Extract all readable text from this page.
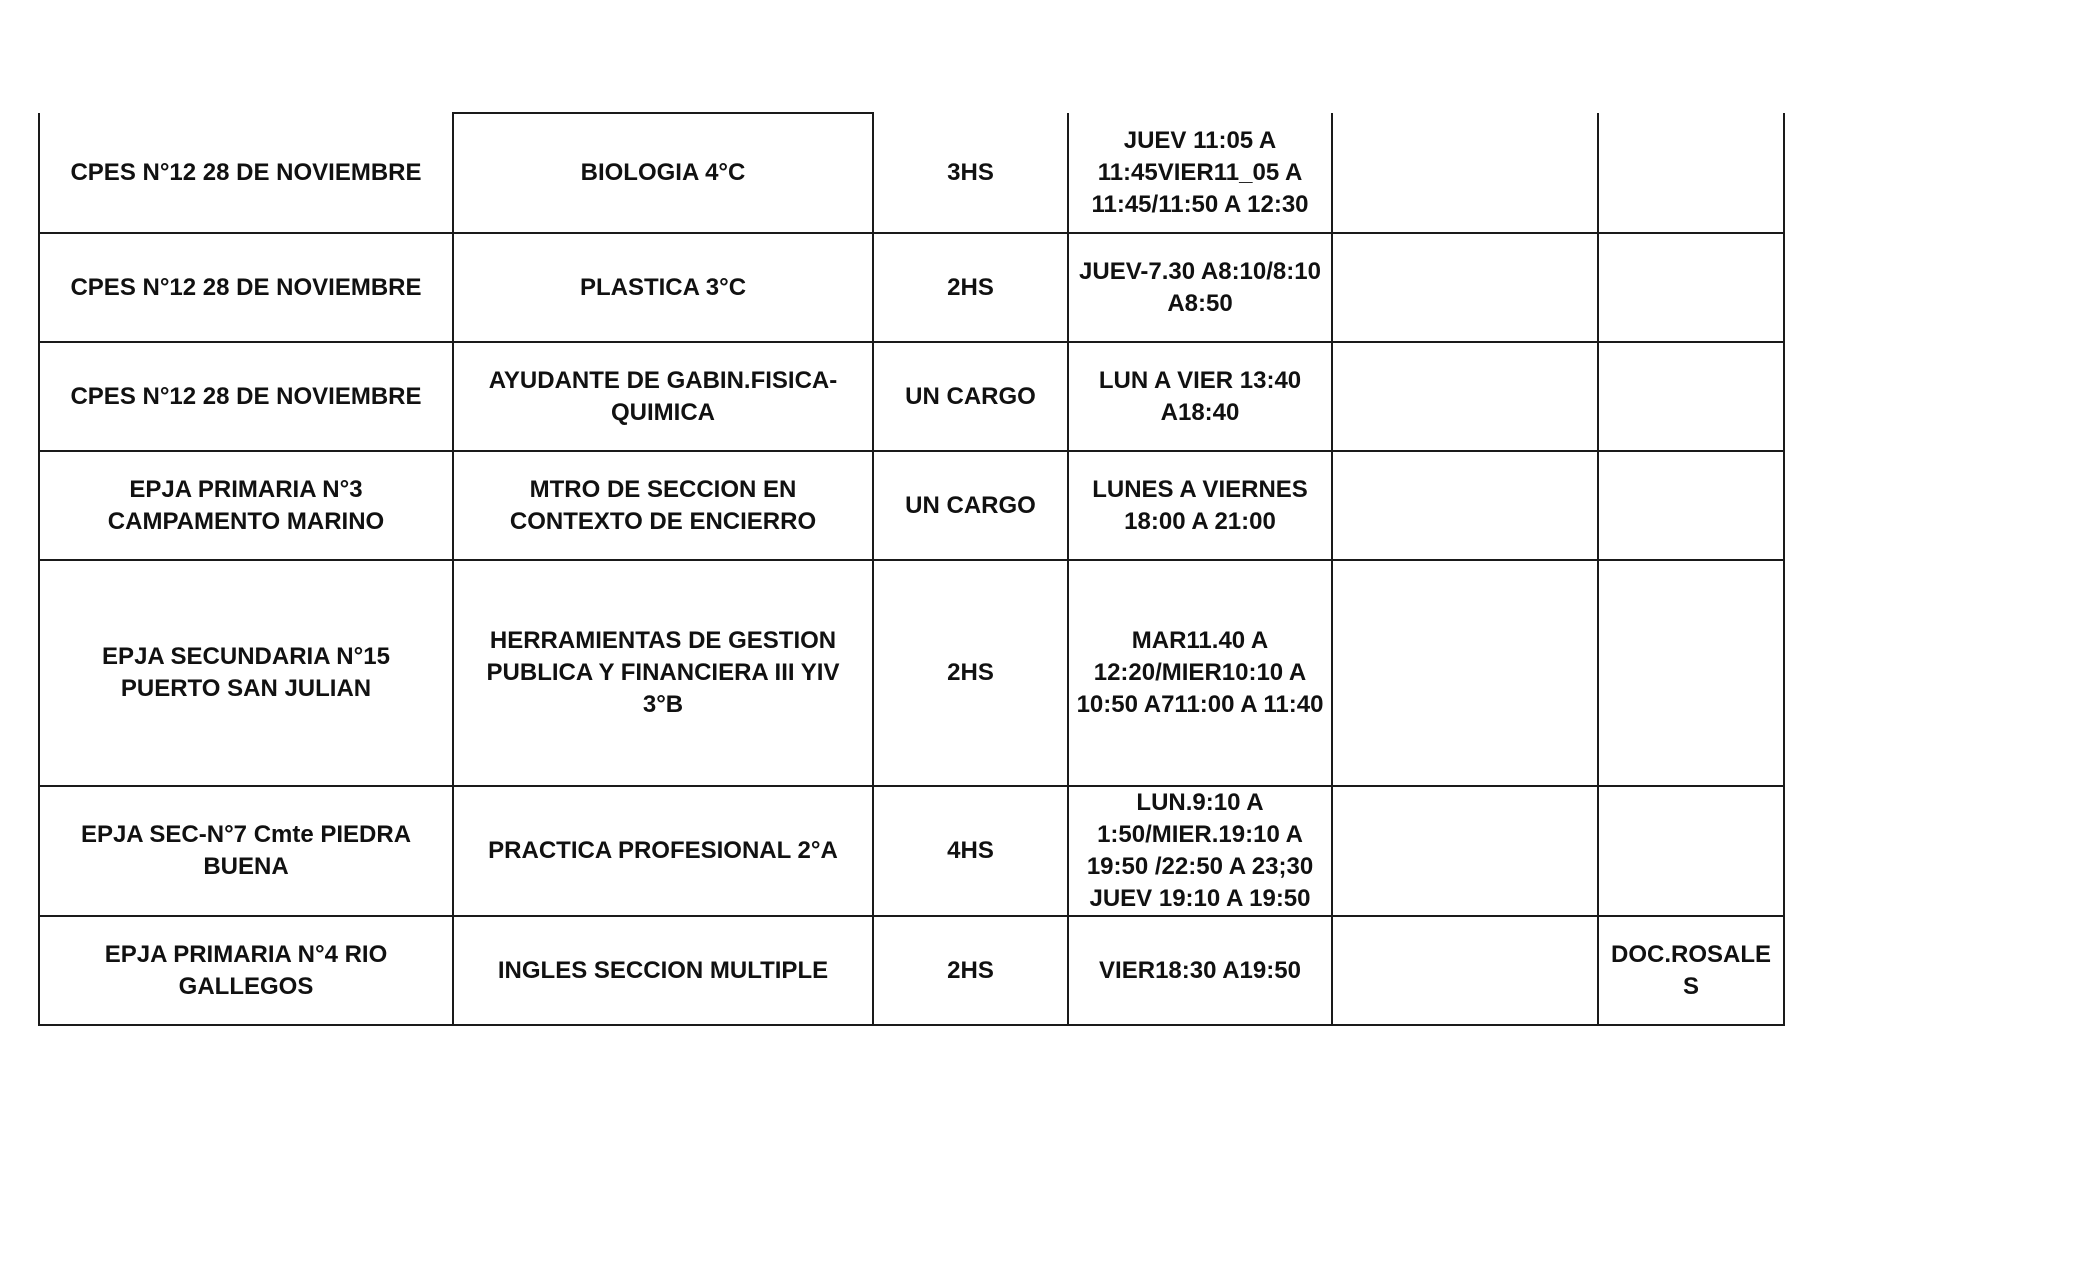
CPES N°12 28 DE NOVIEMBRE	BIOLOGIA 4°C	3HS	JUEV 11:05 A 11:45VIER11_05 A 11:45/11:50 A 12:30		
CPES N°12 28 DE NOVIEMBRE	PLASTICA 3°C	2HS	JUEV-7.30 A8:10/8:10 A8:50		
CPES N°12 28 DE NOVIEMBRE	AYUDANTE DE GABIN.FISICA-QUIMICA	UN CARGO	LUN A VIER 13:40 A18:40		
EPJA PRIMARIA N°3 CAMPAMENTO MARINO	MTRO DE SECCION EN CONTEXTO DE ENCIERRO	UN CARGO	LUNES A VIERNES 18:00 A 21:00		
EPJA SECUNDARIA N°15 PUERTO SAN JULIAN	HERRAMIENTAS DE GESTION PUBLICA Y FINANCIERA III YIV 3°B	2HS	MAR11.40 A 12:20/MIER10:10 A 10:50 A711:00 A 11:40		
EPJA SEC-N°7 Cmte PIEDRA BUENA	PRACTICA PROFESIONAL 2°A	4HS	LUN.9:10 A 1:50/MIER.19:10 A 19:50 /22:50 A 23;30 JUEV 19:10 A 19:50		
EPJA PRIMARIA N°4 RIO GALLEGOS	INGLES SECCION MULTIPLE	2HS	VIER18:30 A19:50		DOC.ROSALES
